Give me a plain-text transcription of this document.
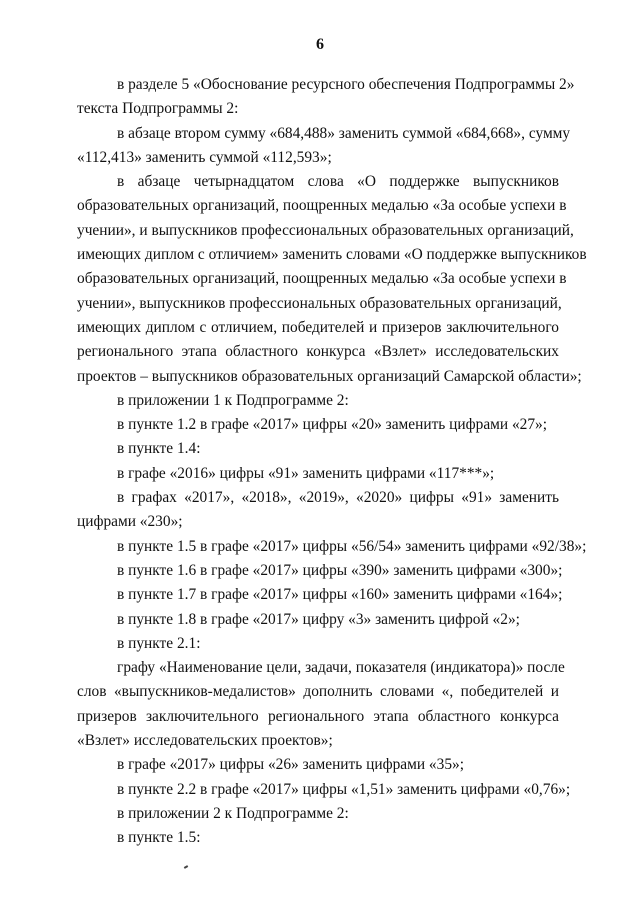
6
в разделе 5 «Обоснование ресурсного обеспечения Подпрограммы 2»
текста Подпрограммы 2:
в абзаце втором сумму «684,488» заменить суммой «684,668», сумму
«112,413» заменить суммой «112,593»;
в абзаце четырнадцатом слова «О поддержке выпускников
образовательных организаций, поощренных медалью «За особые успехи в
учении», и выпускников профессиональных образовательных организаций,
имеющих диплом с отличием» заменить словами «О поддержке выпускников
образовательных организаций, поощренных медалью «За особые успехи в
учении», выпускников профессиональных образовательных организаций,
имеющих диплом с отличием, победителей и призеров заключительного
регионального этапа областного конкурса «Взлет» исследовательских
проектов – выпускников образовательных организаций Самарской области»;
в приложении 1 к Подпрограмме 2:
в пункте 1.2 в графе «2017» цифры «20» заменить цифрами «27»;
в пункте 1.4:
в графе «2016» цифры «91» заменить цифрами «117***»;
в графах «2017», «2018», «2019», «2020» цифры «91» заменить
цифрами «230»;
в пункте 1.5 в графе «2017» цифры «56/54» заменить цифрами «92/38»;
в пункте 1.6 в графе «2017» цифры «390» заменить цифрами «300»;
в пункте 1.7 в графе «2017» цифры «160» заменить цифрами «164»;
в пункте 1.8 в графе «2017» цифру «3» заменить цифрой «2»;
в пункте 2.1:
графу «Наименование цели, задачи, показателя (индикатора)» после
слов «выпускников-медалистов» дополнить словами «, победителей и
призеров заключительного регионального этапа областного конкурса
«Взлет» исследовательских проектов»;
в графе «2017» цифры «26» заменить цифрами «35»;
в пункте 2.2 в графе «2017» цифры «1,51» заменить цифрами «0,76»;
в приложении 2 к Подпрограмме 2:
в пункте 1.5:
